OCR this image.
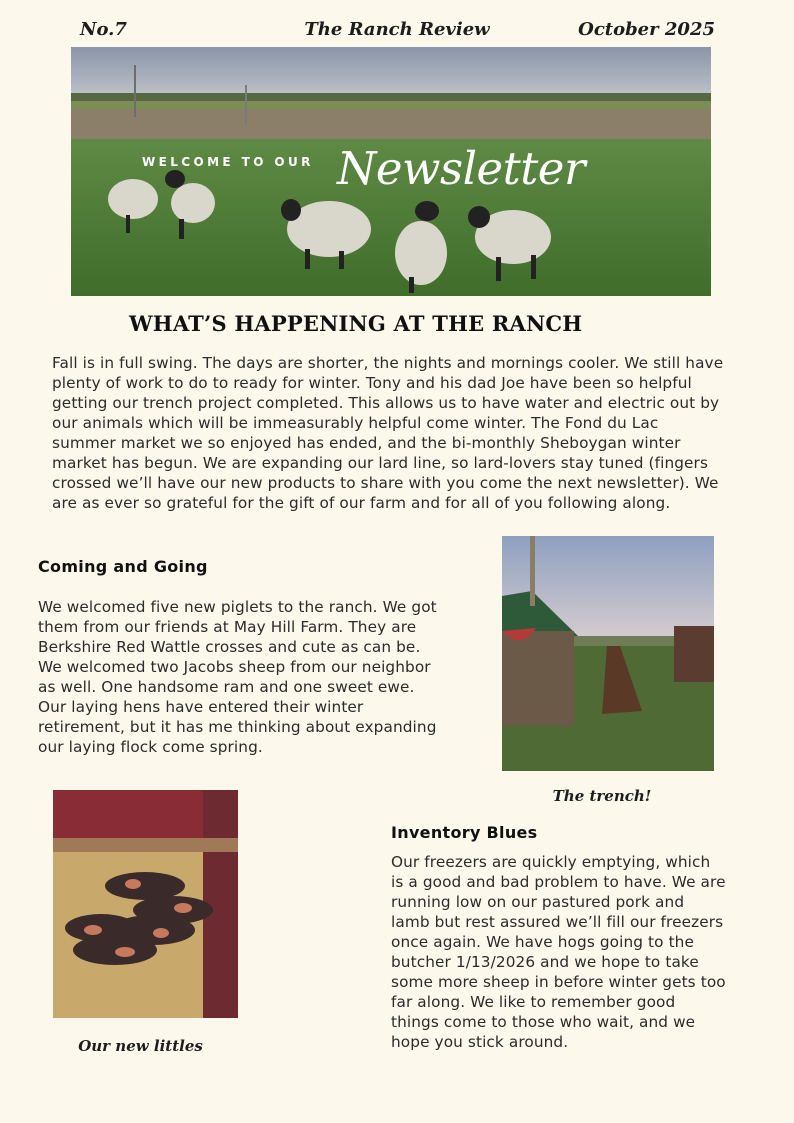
No.7	The Ranch Review	October 2025
WELCOME TO OUR Newsletter
WHAT’S HAPPENING AT THE RANCH
Fall is in full swing. The days are shorter, the nights and mornings cooler. We still have plenty of work to do to ready for winter. Tony and his dad Joe have been so helpful getting our trench project completed. This allows us to have water and electric out by our animals which will be immeasurably helpful come winter. The Fond du Lac summer market we so enjoyed has ended, and the bi-monthly Sheboygan winter market has begun. We are expanding our lard line, so lard-lovers stay tuned (fingers crossed we’ll have our new products to share with you come the next newsletter). We are as ever so grateful for the gift of our farm and for all of you following along.
Coming and Going
We welcomed five new piglets to the ranch. We got them from our friends at May Hill Farm. They are Berkshire Red Wattle crosses and cute as can be. We welcomed two Jacobs sheep from our neighbor as well. One handsome ram and one sweet ewe. Our laying hens have entered their winter retirement, but it has me thinking about expanding our laying flock come spring.
The trench!
Our new littles
Inventory Blues
Our freezers are quickly emptying, which is a good and bad problem to have. We are running low on our pastured pork and lamb but rest assured we’ll fill our freezers once again. We have hogs going to the butcher 1/13/2026 and we hope to take some more sheep in before winter gets too far along. We like to remember good things come to those who wait, and we hope you stick around.
